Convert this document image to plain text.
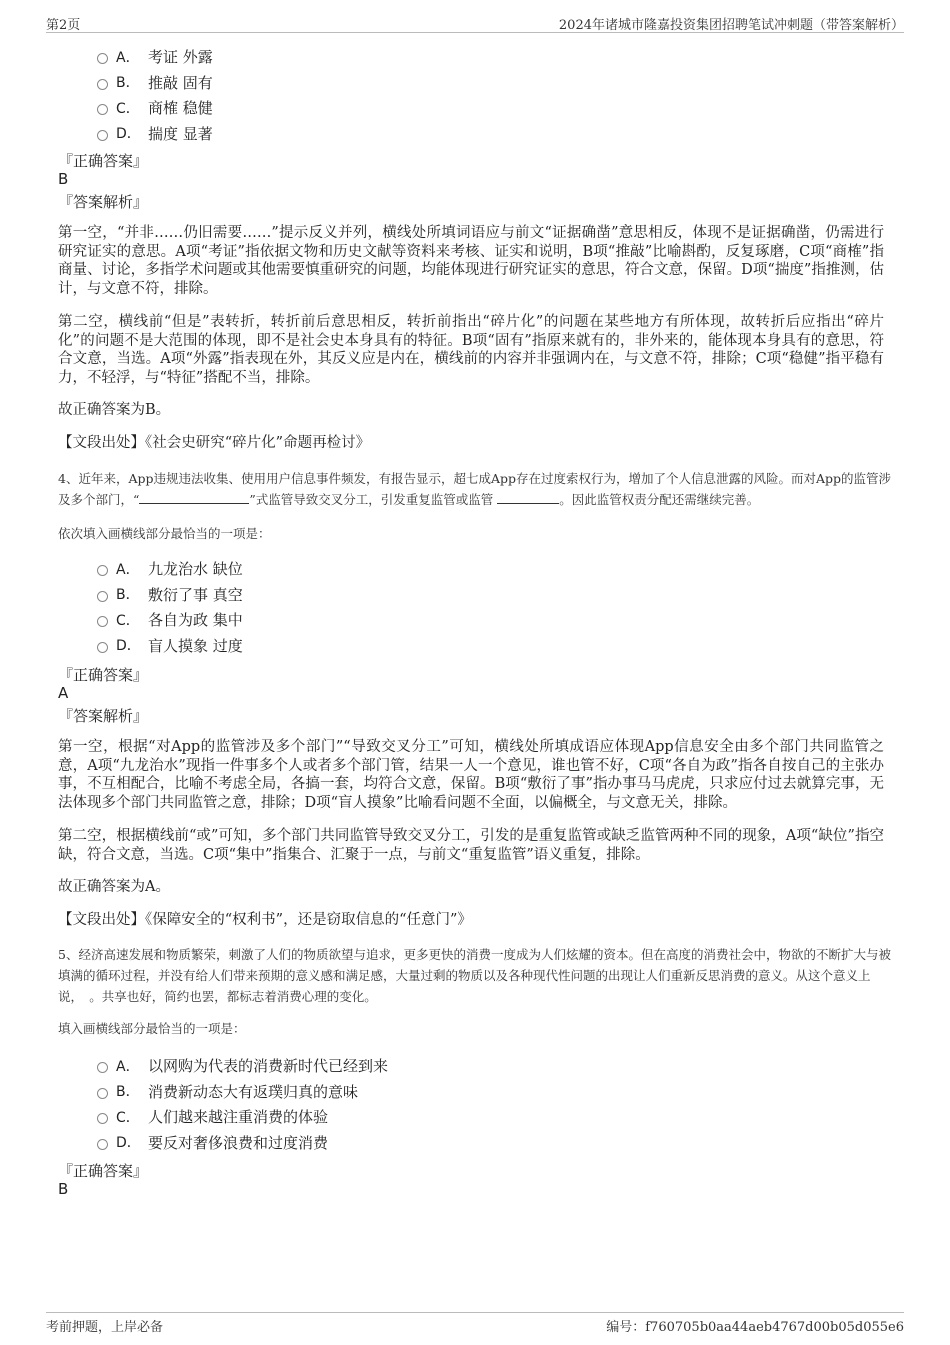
第2页	2024年诸城市隆嘉投资集团招聘笔试冲刺题（带答案解析）
A． 考证 外露
B． 推敲 固有
C． 商榷 稳健
D． 揣度 显著
『正确答案』
B
『答案解析』

第一空，“并非……仍旧需要……”提示反义并列，横线处所填词语应与前文“证据确凿”意思相反，体现不是证据确凿，仍需进行研究证实的意思。A项“考证”指依据文物和历史文献等资料来考核、证实和说明，B项“推敲”比喻斟酌，反复琢磨，C项“商榷”指商量、讨论，多指学术问题或其他需要慎重研究的问题，均能体现进行研究证实的意思，符合文意，保留。D项“揣度”指推测，估计，与文意不符，排除。

第二空，横线前“但是”表转折，转折前后意思相反，转折前指出“碎片化”的问题在某些地方有所体现，故转折后应指出“碎片化”的问题不是大范围的体现，即不是社会史本身具有的特征。B项“固有”指原来就有的，非外来的，能体现本身具有的意思，符合文意，当选。A项“外露”指表现在外，其反义应是内在，横线前的内容并非强调内在，与文意不符，排除；C项“稳健”指平稳有力，不轻浮，与“特征”搭配不当，排除。

故正确答案为B。

【文段出处】《社会史研究“碎片化”命题再检讨》

4、近年来，App违规违法收集、使用用户信息事件频发，有报告显示，超七成App存在过度索权行为，增加了个人信息泄露的风险。而对App的监管涉及多个部门，“	”式监管导致交叉分工，引发重复监管或监管	。因此监管权责分配还需继续完善。

依次填入画横线部分最恰当的一项是：
A． 九龙治水 缺位
B． 敷衍了事 真空
C． 各自为政 集中
D． 盲人摸象 过度
『正确答案』
A
『答案解析』

第一空，根据“对App的监管涉及多个部门”“导致交叉分工”可知，横线处所填成语应体现App信息安全由多个部门共同监管之意，A项“九龙治水”现指一件事多个人或者多个部门管，结果一人一个意见，谁也管不好，C项“各自为政”指各自按自己的主张办事，不互相配合，比喻不考虑全局，各搞一套，均符合文意，保留。B项“敷衍了事”指办事马马虎虎，只求应付过去就算完事，无法体现多个部门共同监管之意，排除；D项“盲人摸象”比喻看问题不全面，以偏概全，与文意无关，排除。

第二空，根据横线前“或”可知，多个部门共同监管导致交叉分工，引发的是重复监管或缺乏监管两种不同的现象，A项“缺位”指空缺，符合文意，当选。C项“集中”指集合、汇聚于一点，与前文“重复监管”语义重复，排除。

故正确答案为A。

【文段出处】《保障安全的“权利书”，还是窃取信息的“任意门”》

5、经济高速发展和物质繁荣，刺激了人们的物质欲望与追求，更多更快的消费一度成为人们炫耀的资本。但在高度的消费社会中，物欲的不断扩大与被填满的循环过程，并没有给人们带来预期的意义感和满足感，大量过剩的物质以及各种现代性问题的出现让人们重新反思消费的意义。从这个意义上说，　。共享也好，简约也罢，都标志着消费心理的变化。

填入画横线部分最恰当的一项是：
A． 以网购为代表的消费新时代已经到来
B． 消费新动态大有返璞归真的意味
C． 人们越来越注重消费的体验
D． 要反对奢侈浪费和过度消费
『正确答案』
B
考前押题，上岸必备	编号：f760705b0aa44aeb4767d00b05d055e6
